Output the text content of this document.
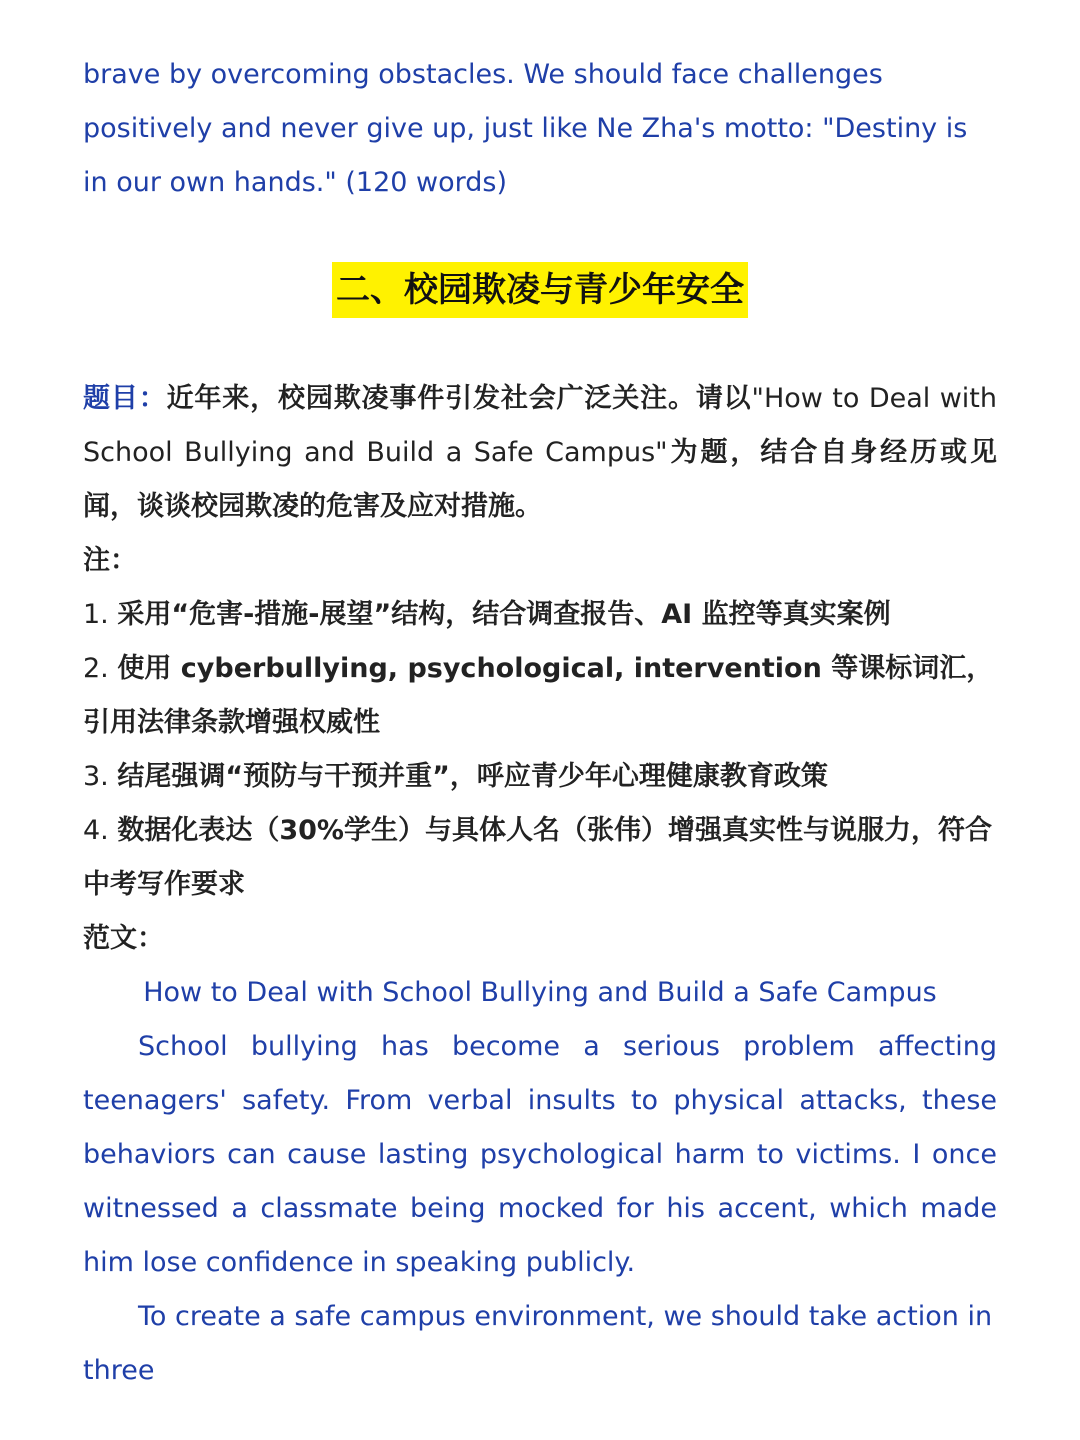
brave by overcoming obstacles. We should face challenges positively and never give up, just like Ne Zha's motto: "Destiny is in our own hands." (120 words)

二、校园欺凌与青少年安全

题目：近年来，校园欺凌事件引发社会广泛关注。请以"How to Deal with School Bullying and Build a Safe Campus"为题，结合自身经历或见闻，谈谈校园欺凌的危害及应对措施。

注：
1. 采用“危害-措施-展望”结构，结合调查报告、AI 监控等真实案例
2. 使用 cyberbullying, psychological, intervention 等课标词汇，引用法律条款增强权威性
3. 结尾强调“预防与干预并重”，呼应青少年心理健康教育政策
4. 数据化表达（30%学生）与具体人名（张伟）增强真实性与说服力，符合中考写作要求
范文：
How to Deal with School Bullying and Build a Safe Campus

School bullying has become a serious problem affecting teenagers' safety. From verbal insults to physical attacks, these behaviors can cause lasting psychological harm to victims. I once witnessed a classmate being mocked for his accent, which made him lose confidence in speaking publicly.

To create a safe campus environment, we should take action in three
